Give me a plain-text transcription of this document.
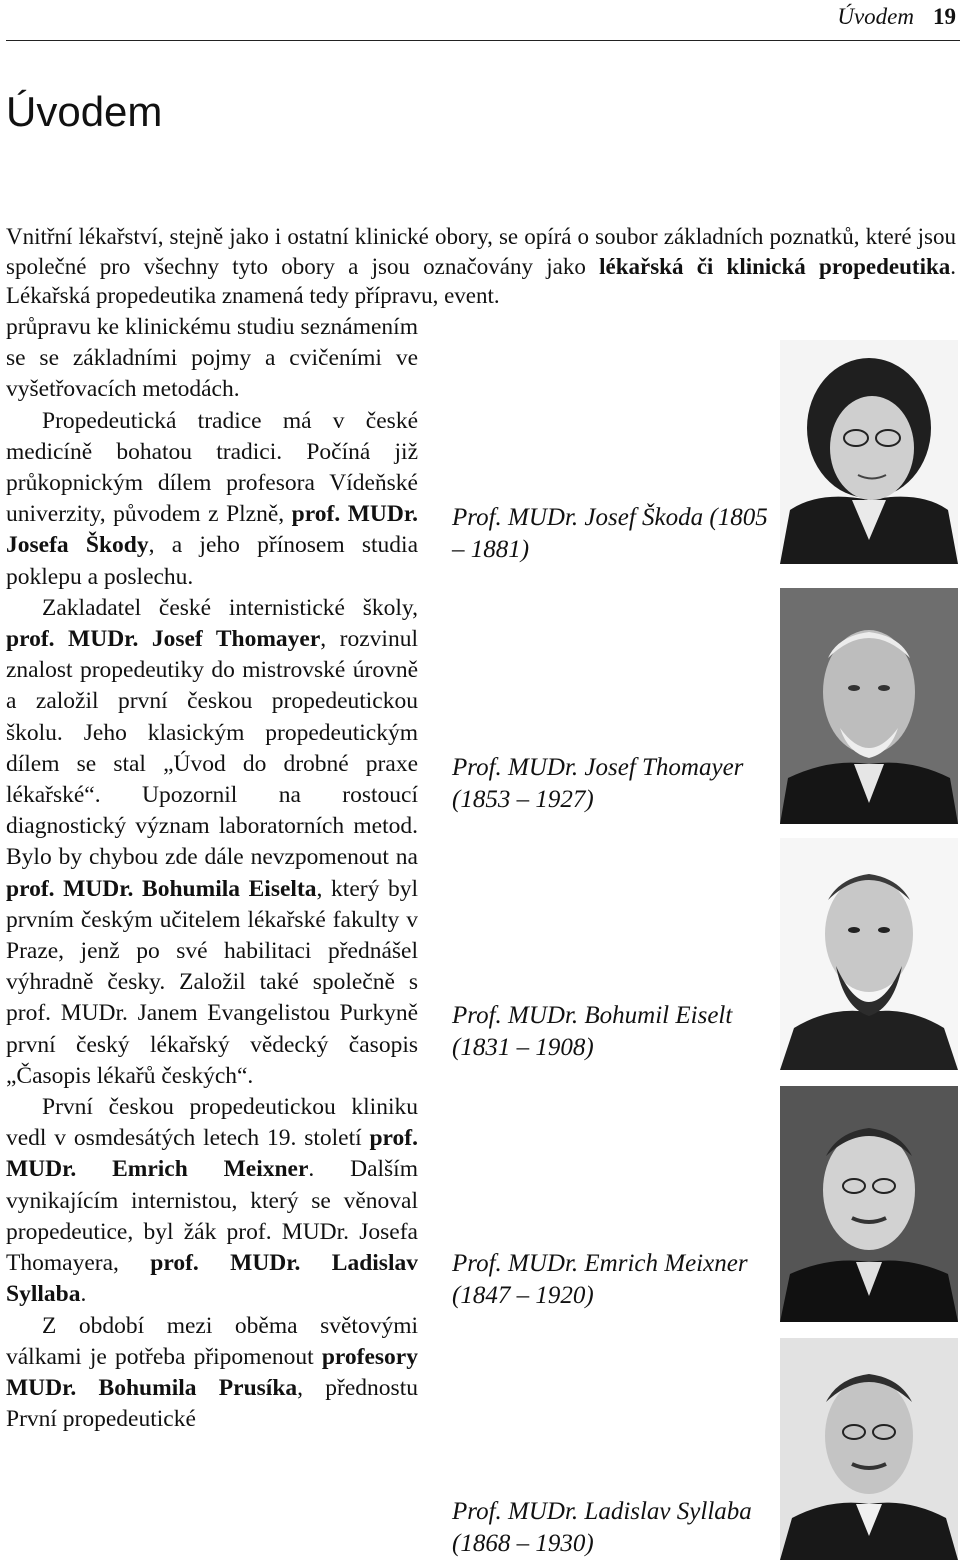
Úvodem 19
Úvodem

Vnitřní lékařství, stejně jako i ostatní klinické obory, se opírá o soubor základních poznatků, které jsou společné pro všechny tyto obory a jsou označovány jako lékařská či klinická propedeutika. Lékařská propedeutika znamená tedy přípravu, event.

průpravu ke klinickému studiu seznámením se se základními pojmy a cvičeními ve vyšetřovacích metodách.

Propedeutická tradice má v české medicíně bohatou tradici. Počíná již průkopnickým dílem profesora Vídeňské univerzity, původem z Plzně, prof. MUDr. Josefa Škody, a jeho přínosem studia poklepu a poslechu.

Zakladatel české internistické školy, prof. MUDr. Josef Thomayer, rozvinul znalost propedeutiky do mistrovské úrovně a založil první českou propedeutickou školu. Jeho klasickým propedeutickým dílem se stal „Úvod do drobné praxe lékařské“. Upozornil na rostoucí diagnostický význam laboratorních metod. Bylo by chybou zde dále nevzpomenout na prof. MUDr. Bohumila Eiselta, který byl prvním českým učitelem lékařské fakulty v Praze, jenž po své habilitaci přednášel výhradně česky. Založil také společně s prof. MUDr. Janem Evangelistou Purkyně první český lékařský vědecký časopis „Časopis lékařů českých“.

První českou propedeutickou kliniku vedl v osmdesátých letech 19. století prof. MUDr. Emrich Meixner. Dalším vynikajícím internistou, který se věnoval propedeutice, byl žák prof. MUDr. Josefa Thomayera, prof. MUDr. Ladislav Syllaba.

Z období mezi oběma světovými válkami je potřeba připomenout profesory MUDr. Bohumila Prusíka, přednostu První propedeutické

Prof. MUDr. Josef Škoda (1805 – 1881)
Prof. MUDr. Josef Thomayer (1853 – 1927)
Prof. MUDr. Bohumil Eiselt (1831 – 1908)
Prof. MUDr. Emrich Meixner (1847 – 1920)
Prof. MUDr. Ladislav Syllaba (1868 – 1930)
